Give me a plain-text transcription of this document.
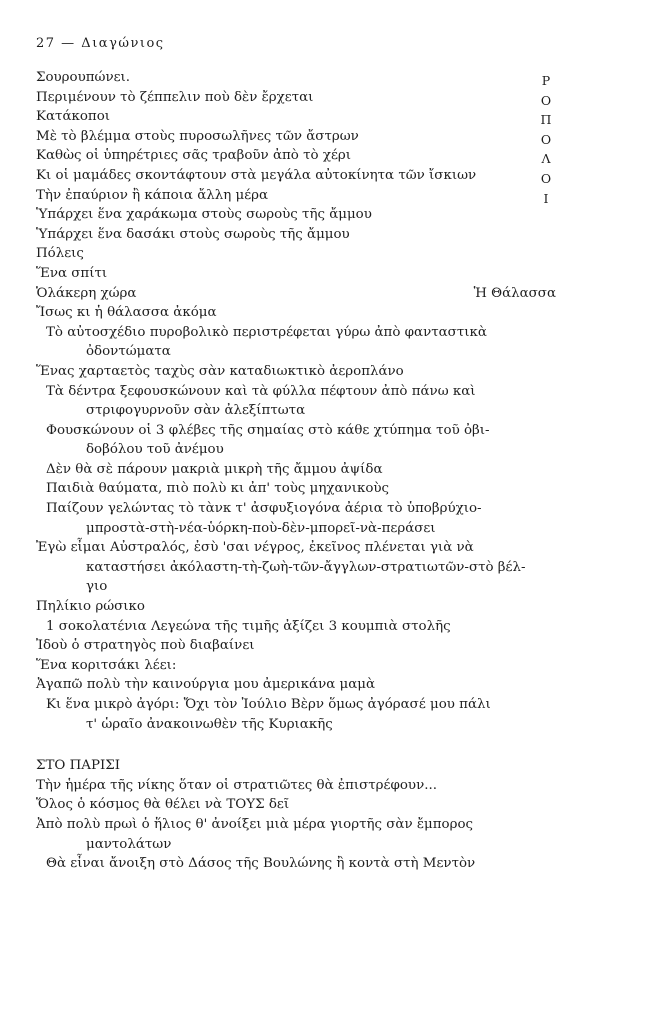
27 — Διαγώνιος
Ρ
Ο
Π
Ο
Λ
Ο
Ι
Σουρουπώνει.
Περιμένουν τὸ ζέππελιν ποὺ δὲν ἔρχεται
Κατάκοποι
Μὲ τὸ βλέμμα στοὺς πυροσωλῆνες τῶν ἄστρων
Καθὼς οἱ ὑπηρέτριες σᾶς τραβοῦν ἀπὸ τὸ χέρι
Κι οἱ μαμάδες σκοντάφτουν στὰ μεγάλα αὐτοκίνητα τῶν ἴσκιων
Τὴν ἐπαύριον ἢ κάποια ἄλλη μέρα
Ὑπάρχει ἕνα χαράκωμα στοὺς σωροὺς τῆς ἄμμου
Ὑπάρχει ἕνα δασάκι στοὺς σωροὺς τῆς ἄμμου
Πόλεις
Ἕνα σπίτι
Ὁλάκερη χώρα	Ἡ Θάλασσα
Ἴσως κι ἡ θάλασσα ἀκόμα
Τὸ αὐτοσχέδιο πυροβολικὸ περιστρέφεται γύρω ἀπὸ φανταστικὰ
ὀδοντώματα
Ἕνας χαρταετὸς ταχὺς σὰν καταδιωκτικὸ ἀεροπλάνο
Τὰ δέντρα ξεφουσκώνουν καὶ τὰ φύλλα πέφτουν ἀπὸ πάνω καὶ
στριφογυρνοῦν σὰν ἀλεξίπτωτα
Φουσκώνουν οἱ 3 φλέβες τῆς σημαίας στὸ κάθε χτύπημα τοῦ ὀβι-
δοβόλου τοῦ ἀνέμου
Δὲν θὰ σὲ πάρουν μακριὰ μικρὴ τῆς ἄμμου ἀψίδα
Παιδιὰ θαύματα, πιὸ πολὺ κι ἀπ' τοὺς μηχανικοὺς
Παίζουν γελώντας τὸ τὰνκ τ' ἀσφυξιογόνα ἀέρια τὸ ὑποβρύχιο-
μπροστὰ-στὴ-νέα-ὑόρκη-ποὺ-δὲν-μπορεῖ-νὰ-περάσει
Ἐγὼ εἶμαι Αὐστραλός, ἐσὺ 'σαι νέγρος, ἐκεῖνος πλένεται γιὰ νὰ
καταστήσει ἀκόλαστη-τὴ-ζωὴ-τῶν-ἄγγλων-στρατιωτῶν-στὸ βέλ-
γιο
Πηλίκιο ρώσικο
1 σοκολατένια Λεγεώνα τῆς τιμῆς ἀξίζει 3 κουμπιὰ στολῆς
Ἰδοὺ ὁ στρατηγὸς ποὺ διαβαίνει
Ἕνα κοριτσάκι λέει:
Ἀγαπῶ πολὺ τὴν καινούργια μου ἀμερικάνα μαμὰ
Κι ἕνα μικρὸ ἀγόρι: Ὄχι τὸν Ἰούλιο Βὲρν ὅμως ἀγόρασέ μου πάλι
τ' ὡραῖο ἀνακοινωθὲν τῆς Κυριακῆς
ΣΤΟ ΠΑΡΙΣΙ
Τὴν ἡμέρα τῆς νίκης ὅταν οἱ στρατιῶτες θὰ ἐπιστρέφουν...
Ὅλος ὁ κόσμος θὰ θέλει νὰ ΤΟΥΣ δεῖ
Ἀπὸ πολὺ πρωὶ ὁ ἥλιος θ' ἀνοίξει μιὰ μέρα γιορτῆς σὰν ἔμπορος
μαντολάτων
Θὰ εἶναι ἄνοιξη στὸ Δάσος τῆς Βουλώνης ἢ κοντὰ στὴ Μεντὸν
